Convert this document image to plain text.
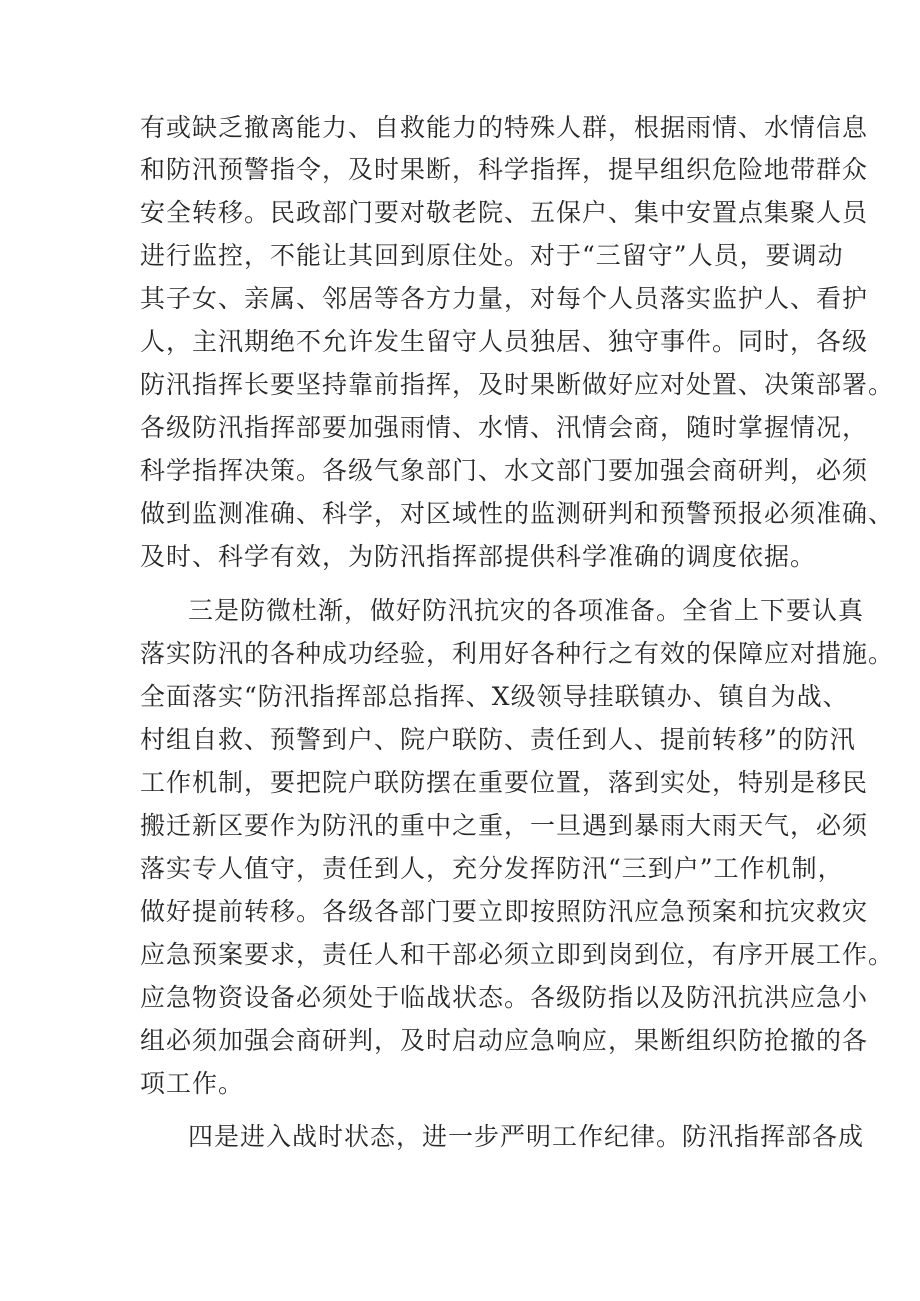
有或缺乏撤离能力、自救能力的特殊人群，根据雨情、水情信息
和防汛预警指令，及时果断，科学指挥，提早组织危险地带群众
安全转移。民政部门要对敬老院、五保户、集中安置点集聚人员
进行监控，不能让其回到原住处。对于“三留守”人员，要调动
其子女、亲属、邻居等各方力量，对每个人员落实监护人、看护
人，主汛期绝不允许发生留守人员独居、独守事件。同时，各级
防汛指挥长要坚持靠前指挥，及时果断做好应对处置、决策部署。
各级防汛指挥部要加强雨情、水情、汛情会商，随时掌握情况，
科学指挥决策。各级气象部门、水文部门要加强会商研判，必须
做到监测准确、科学，对区域性的监测研判和预警预报必须准确、
及时、科学有效，为防汛指挥部提供科学准确的调度依据。
三是防微杜渐，做好防汛抗灾的各项准备。全省上下要认真
落实防汛的各种成功经验，利用好各种行之有效的保障应对措施。
全面落实“防汛指挥部总指挥、X级领导挂联镇办、镇自为战、
村组自救、预警到户、院户联防、责任到人、提前转移”的防汛
工作机制，要把院户联防摆在重要位置，落到实处，特别是移民
搬迁新区要作为防汛的重中之重，一旦遇到暴雨大雨天气，必须
落实专人值守，责任到人，充分发挥防汛“三到户”工作机制，
做好提前转移。各级各部门要立即按照防汛应急预案和抗灾救灾
应急预案要求，责任人和干部必须立即到岗到位，有序开展工作。
应急物资设备必须处于临战状态。各级防指以及防汛抗洪应急小
组必须加强会商研判，及时启动应急响应，果断组织防抢撤的各
项工作。
四是进入战时状态，进一步严明工作纪律。防汛指挥部各成
